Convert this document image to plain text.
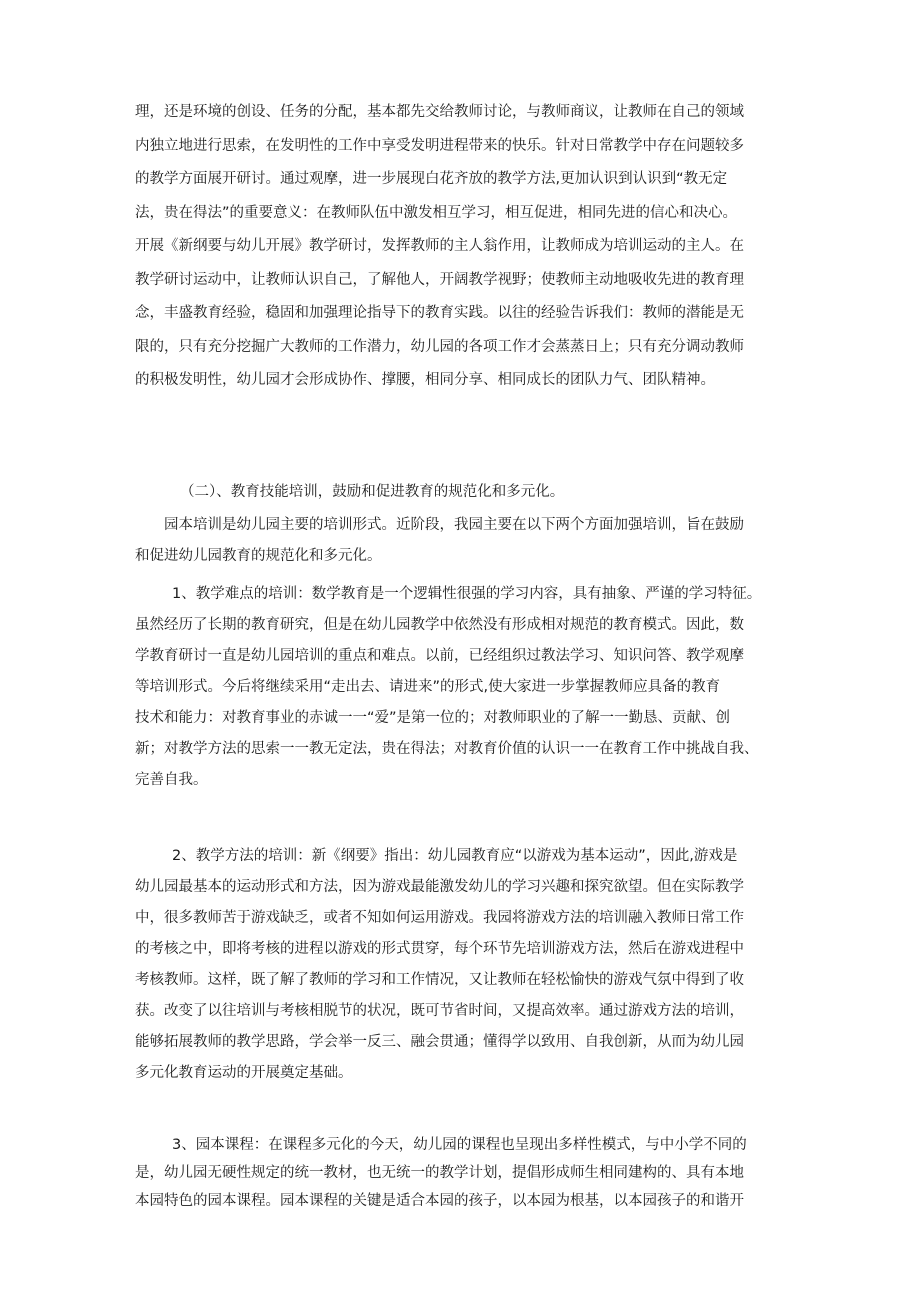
理，还是环境的创设、任务的分配，基本都先交给教师讨论，与教师商议，让教师在自己的领域
内独立地进行思索，在发明性的工作中享受发明进程带来的快乐。针对日常教学中存在问题较多
的教学方面展开研讨。通过观摩，进一步展现白花齐放的教学方法,更加认识到认识到“教无定
法，贵在得法”的重要意义：在教师队伍中激发相互学习，相互促进，相同先进的信心和决心。
开展《新纲要与幼儿开展》教学研讨，发挥教师的主人翁作用，让教师成为培训运动的主人。在
教学研讨运动中，让教师认识自己，了解他人，开阔教学视野；使教师主动地吸收先进的教育理
念，丰盛教育经验，稳固和加强理论指导下的教育实践。以往的经验告诉我们：教师的潜能是无
限的，只有充分挖掘广大教师的工作潜力，幼儿园的各项工作才会蒸蒸日上；只有充分调动教师
的积极发明性，幼儿园才会形成协作、撑腰，相同分享、相同成长的团队力气、团队精神。
（二）、教育技能培训，鼓励和促进教育的规范化和多元化。
园本培训是幼儿园主要的培训形式。近阶段，我园主要在以下两个方面加强培训，旨在鼓励
和促进幼儿园教育的规范化和多元化。
1、教学难点的培训：数学教育是一个逻辑性很强的学习内容，具有抽象、严谨的学习特征。
虽然经历了长期的教育研究，但是在幼儿园教学中依然没有形成相对规范的教育模式。因此，数
学教育研讨一直是幼儿园培训的重点和难点。以前，已经组织过教法学习、知识问答、教学观摩
等培训形式。今后将继续采用“走出去、请进来”的形式,使大家进一步掌握教师应具备的教育
技术和能力：对教育事业的赤诚一一“爱”是第一位的；对教师职业的了解一一勤恳、贡献、创
新；对教学方法的思索一一教无定法，贵在得法；对教育价值的认识一一在教育工作中挑战自我、
完善自我。
2、教学方法的培训：新《纲要》指出：幼儿园教育应“以游戏为基本运动”，因此,游戏是
幼儿园最基本的运动形式和方法，因为游戏最能激发幼儿的学习兴趣和探究欲望。但在实际教学
中，很多教师苦于游戏缺乏，或者不知如何运用游戏。我园将游戏方法的培训融入教师日常工作
的考核之中，即将考核的进程以游戏的形式贯穿，每个环节先培训游戏方法，然后在游戏进程中
考核教师。这样，既了解了教师的学习和工作情况，又让教师在轻松愉快的游戏气氛中得到了收
获。改变了以往培训与考核相脱节的状况，既可节省时间，又提高效率。通过游戏方法的培训，
能够拓展教师的教学思路，学会举一反三、融会贯通；懂得学以致用、自我创新，从而为幼儿园
多元化教育运动的开展奠定基础。
3、园本课程：在课程多元化的今天，幼儿园的课程也呈现出多样性模式，与中小学不同的
是，幼儿园无硬性规定的统一教材，也无统一的教学计划，提倡形成师生相同建构的、具有本地
本园特色的园本课程。园本课程的关键是适合本园的孩子，以本园为根基，以本园孩子的和谐开
